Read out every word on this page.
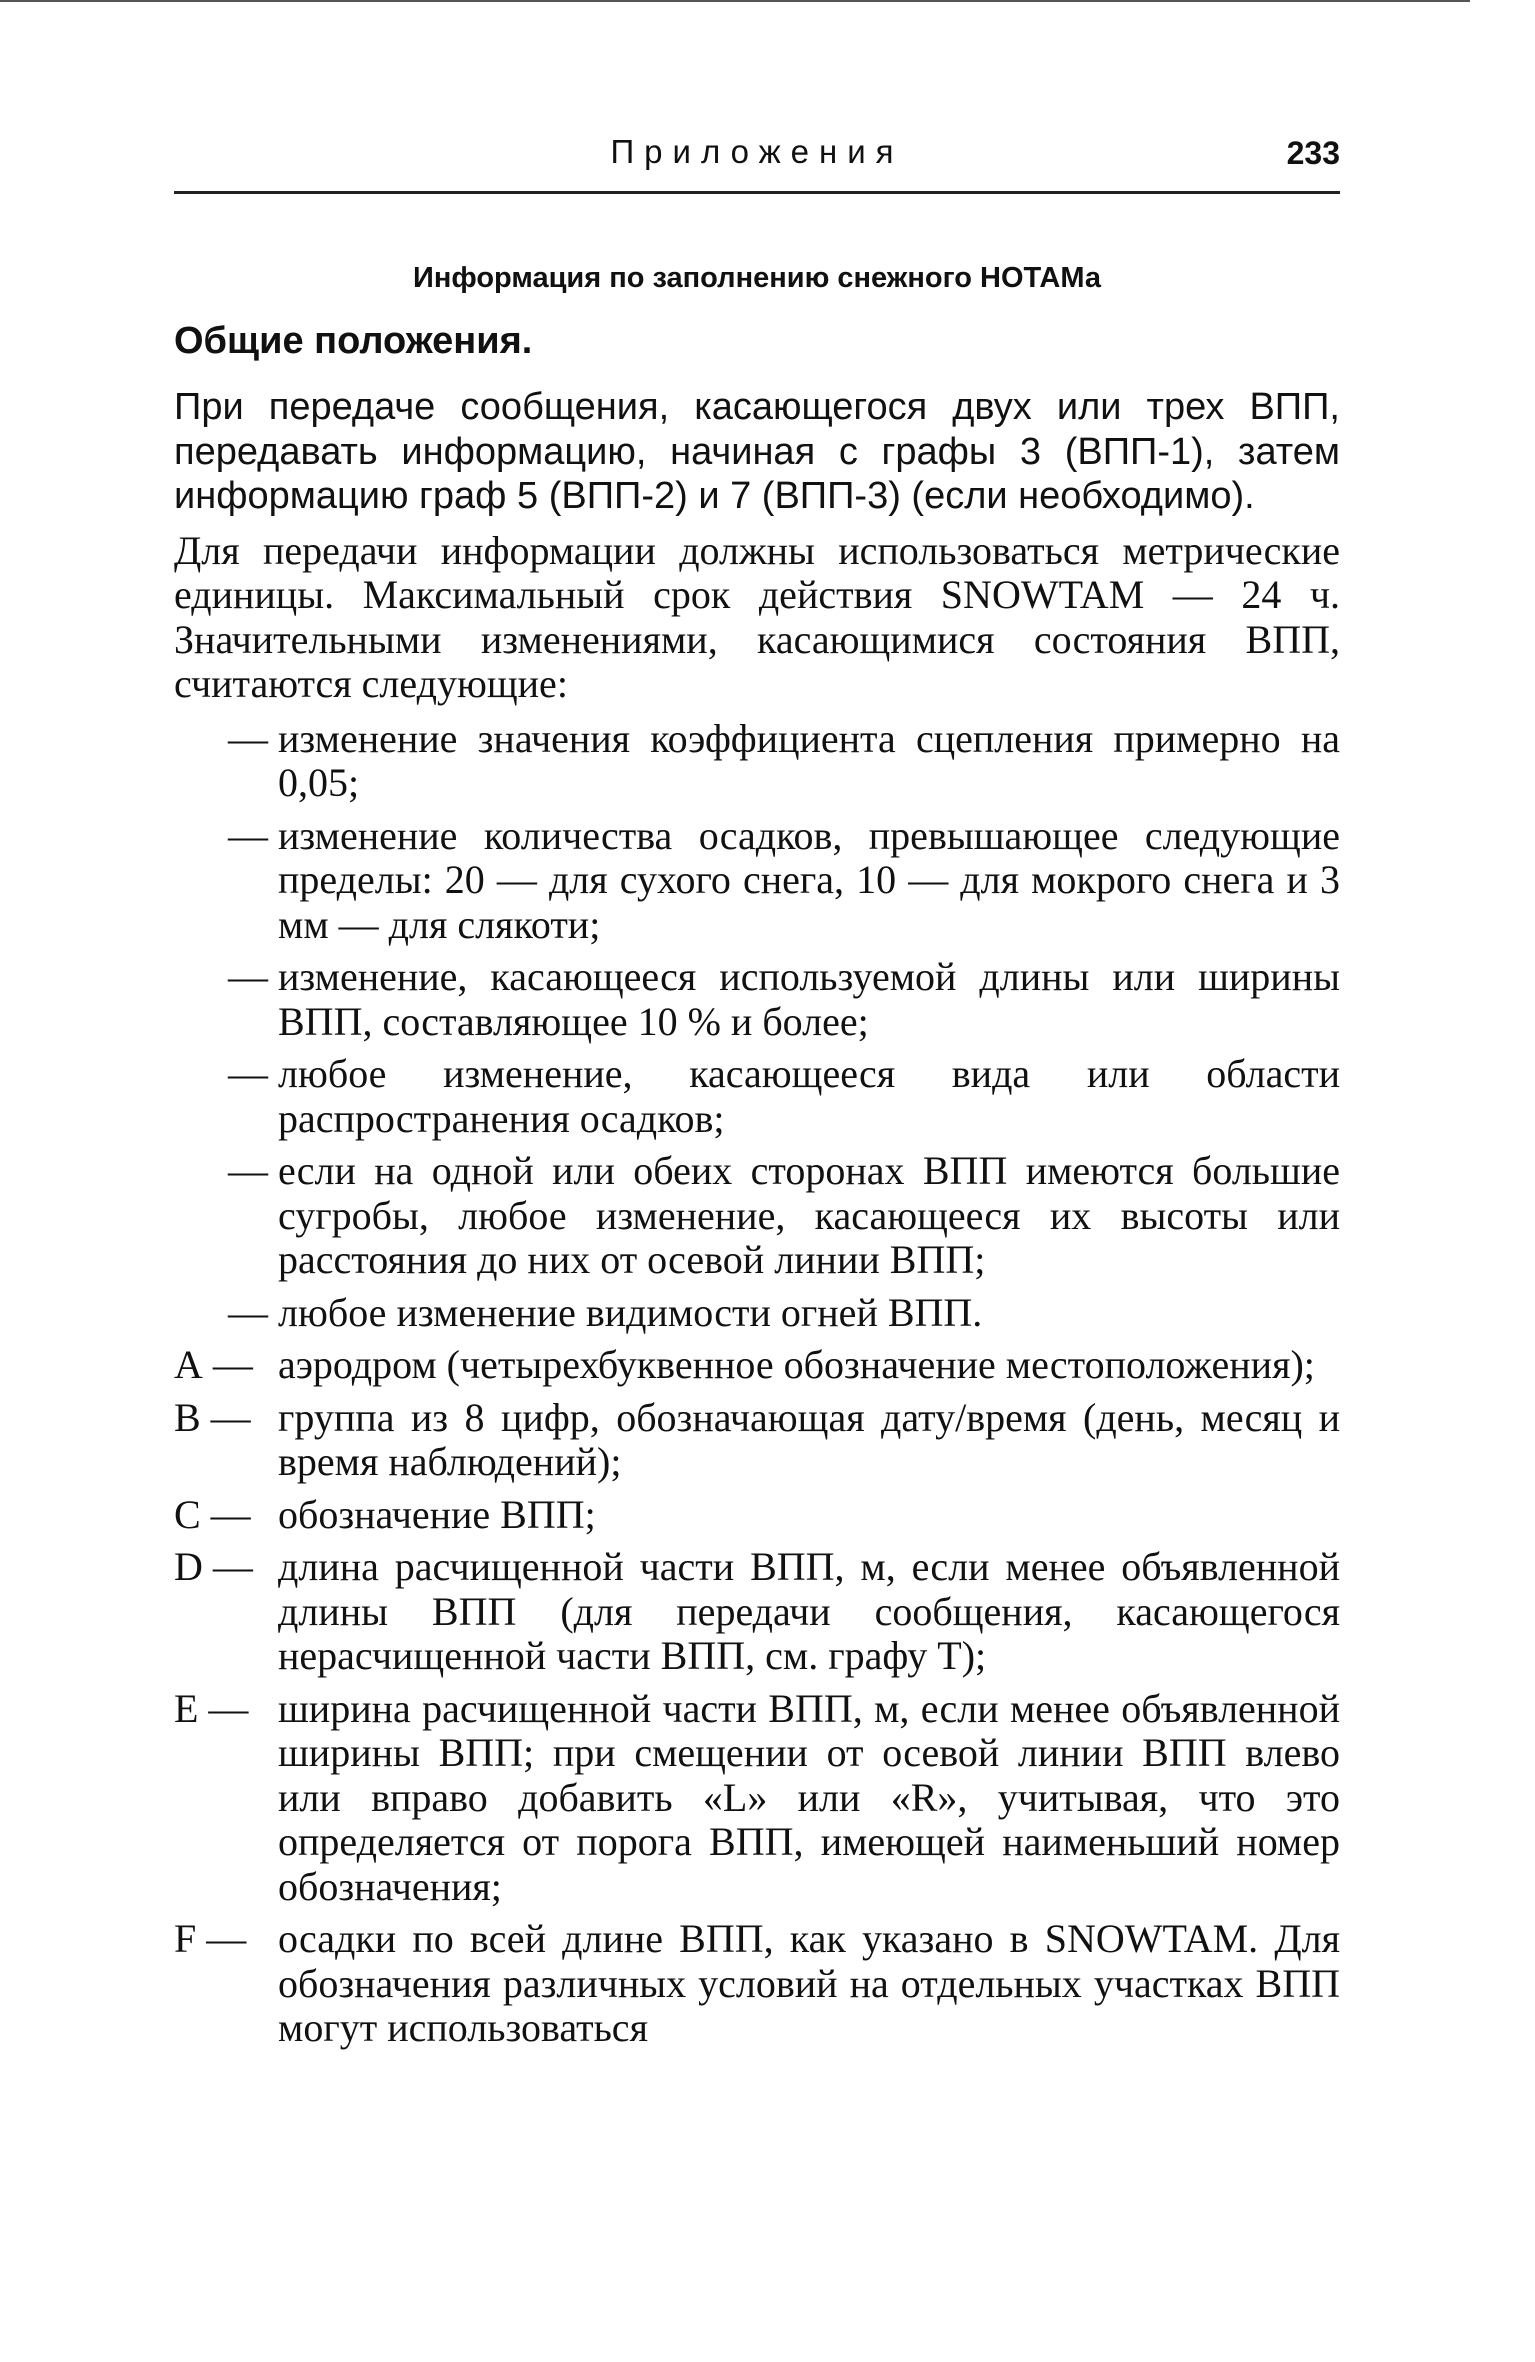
Приложения	233
Информация по заполнению снежного НОТАМа
Общие положения.

При передаче сообщения, касающегося двух или трех ВПП, передавать информацию, начиная с графы 3 (ВПП-1), затем информацию граф 5 (ВПП-2) и 7 (ВПП-3) (если необходимо).

Для передачи информации должны использоваться метрические единицы. Максимальный срок действия SNOWTAM — 24 ч. Значительными изменениями, касающимися состояния ВПП, считаются следующие:

— изменение значения коэффициента сцепления примерно на 0,05;
— изменение количества осадков, превышающее следующие пределы: 20 — для сухого снега, 10 — для мокрого снега и 3 мм — для слякоти;
— изменение, касающееся используемой длины или ширины ВПП, составляющее 10 % и более;
— любое изменение, касающееся вида или области распространения осадков;
— если на одной или обеих сторонах ВПП имеются большие сугробы, любое изменение, касающееся их высоты или расстояния до них от осевой линии ВПП;
— любое изменение видимости огней ВПП.
А — аэродром (четырехбуквенное обозначение местоположения);
В — группа из 8 цифр, обозначающая дату/время (день, месяц и время наблюдений);
С — обозначение ВПП;
D — длина расчищенной части ВПП, м, если менее объявленной длины ВПП (для передачи сообщения, касающегося нерасчищенной части ВПП, см. графу Т);
Е — ширина расчищенной части ВПП, м, если менее объявленной ширины ВПП; при смещении от осевой линии ВПП влево или вправо добавить «L» или «R», учитывая, что это определяется от порога ВПП, имеющей наименьший номер обозначения;
F — осадки по всей длине ВПП, как указано в SNOWTAM. Для обозначения различных условий на отдельных участках ВПП могут использоваться
